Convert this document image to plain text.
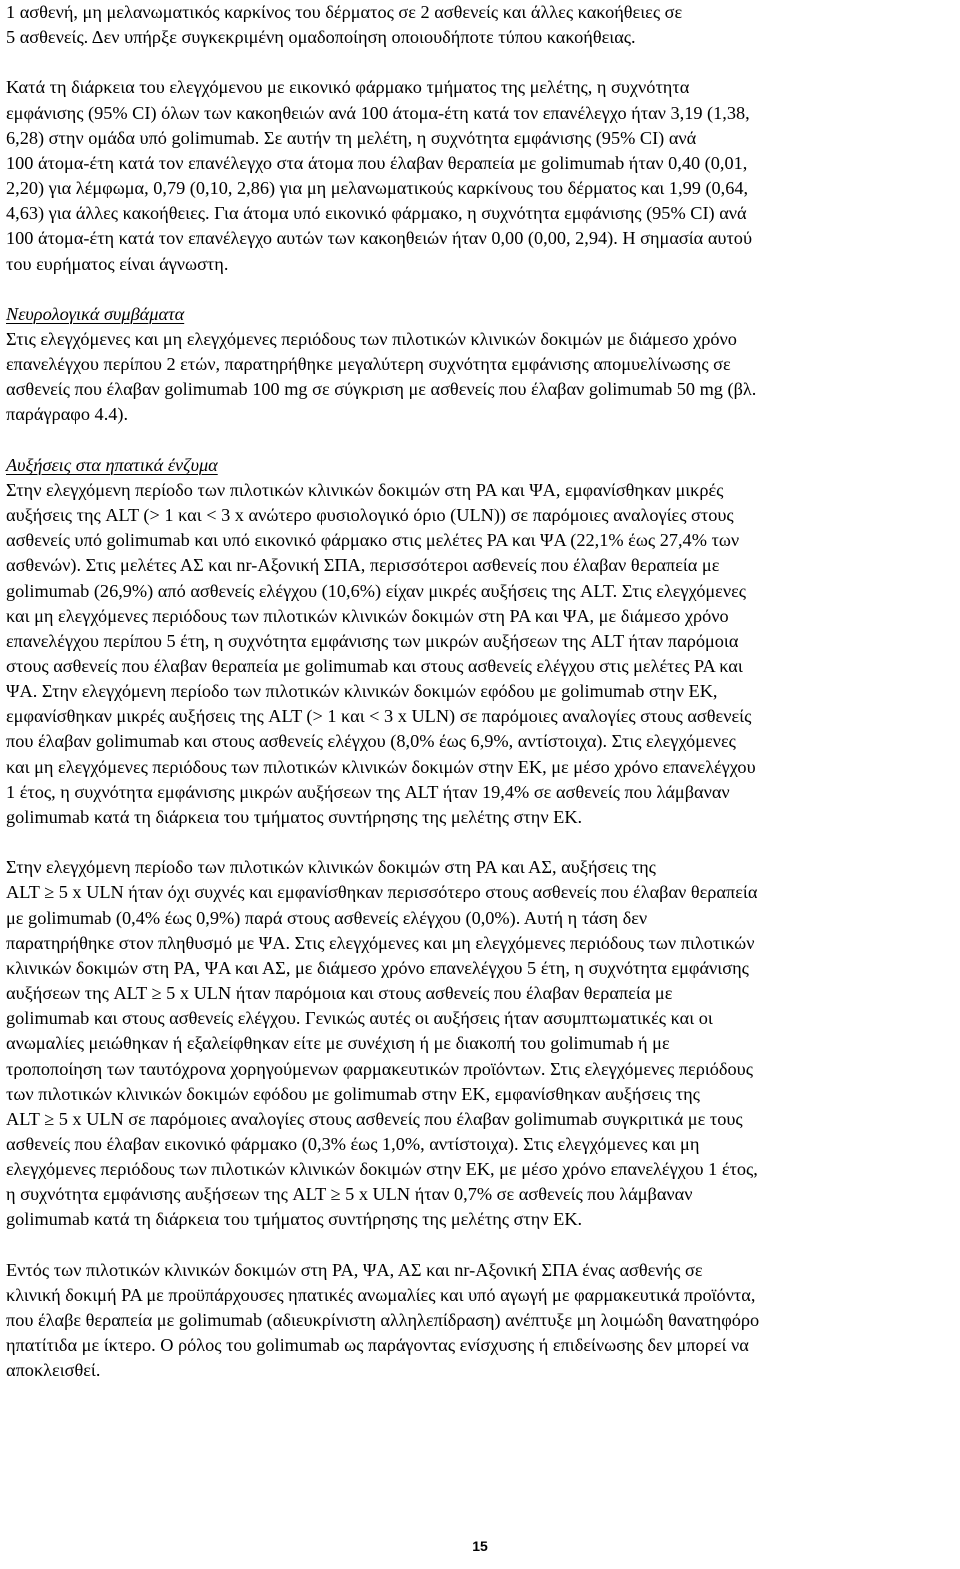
1 ασθενή, μη μελανωματικός καρκίνος του δέρματος σε 2 ασθενείς και άλλες κακοήθειες σε
5 ασθενείς. Δεν υπήρξε συγκεκριμένη ομαδοποίηση οποιουδήποτε τύπου κακοήθειας.

Κατά τη διάρκεια του ελεγχόμενου με εικονικό φάρμακο τμήματος της μελέτης, η συχνότητα
εμφάνισης (95% CI) όλων των κακοηθειών ανά 100 άτομα-έτη κατά τον επανέλεγχο ήταν 3,19 (1,38,
6,28) στην ομάδα υπό golimumab. Σε αυτήν τη μελέτη, η συχνότητα εμφάνισης (95% CI) ανά
100 άτομα-έτη κατά τον επανέλεγχο στα άτομα που έλαβαν θεραπεία με golimumab ήταν 0,40 (0,01,
2,20) για λέμφωμα, 0,79 (0,10, 2,86) για μη μελανωματικούς καρκίνους του δέρματος και 1,99 (0,64,
4,63) για άλλες κακοήθειες. Για άτομα υπό εικονικό φάρμακο, η συχνότητα εμφάνισης (95% CI) ανά
100 άτομα-έτη κατά τον επανέλεγχο αυτών των κακοηθειών ήταν 0,00 (0,00, 2,94). Η σημασία αυτού
του ευρήματος είναι άγνωστη.

Νευρολογικά συμβάματα

Στις ελεγχόμενες και μη ελεγχόμενες περιόδους των πιλοτικών κλινικών δοκιμών με διάμεσο χρόνο
επανελέγχου περίπου 2 ετών, παρατηρήθηκε μεγαλύτερη συχνότητα εμφάνισης απομυελίνωσης σε
ασθενείς που έλαβαν golimumab 100 mg σε σύγκριση με ασθενείς που έλαβαν golimumab 50 mg (βλ.
παράγραφο 4.4).

Αυξήσεις στα ηπατικά ένζυμα

Στην ελεγχόμενη περίοδο των πιλοτικών κλινικών δοκιμών στη ΡΑ και ΨΑ, εμφανίσθηκαν μικρές
αυξήσεις της ALT (> 1 και < 3 x ανώτερο φυσιολογικό όριο (ULN)) σε παρόμοιες αναλογίες στους
ασθενείς υπό golimumab και υπό εικονικό φάρμακο στις μελέτες ΡΑ και ΨΑ (22,1% έως 27,4% των
ασθενών). Στις μελέτες ΑΣ και nr-Αξονική ΣΠΑ, περισσότεροι ασθενείς που έλαβαν θεραπεία με
golimumab (26,9%) από ασθενείς ελέγχου (10,6%) είχαν μικρές αυξήσεις της ALT. Στις ελεγχόμενες
και μη ελεγχόμενες περιόδους των πιλοτικών κλινικών δοκιμών στη ΡΑ και ΨΑ, με διάμεσο χρόνο
επανελέγχου περίπου 5 έτη, η συχνότητα εμφάνισης των μικρών αυξήσεων της ALT ήταν παρόμοια
στους ασθενείς που έλαβαν θεραπεία με golimumab και στους ασθενείς ελέγχου στις μελέτες ΡΑ και
ΨΑ. Στην ελεγχόμενη περίοδο των πιλοτικών κλινικών δοκιμών εφόδου με golimumab στην ΕΚ,
εμφανίσθηκαν μικρές αυξήσεις της ALT (> 1 και < 3 x ULN) σε παρόμοιες αναλογίες στους ασθενείς
που έλαβαν golimumab και στους ασθενείς ελέγχου (8,0% έως 6,9%, αντίστοιχα). Στις ελεγχόμενες
και μη ελεγχόμενες περιόδους των πιλοτικών κλινικών δοκιμών στην ΕΚ, με μέσο χρόνο επανελέγχου
1 έτος, η συχνότητα εμφάνισης μικρών αυξήσεων της ALT ήταν 19,4% σε ασθενείς που λάμβαναν
golimumab κατά τη διάρκεια του τμήματος συντήρησης της μελέτης στην ΕΚ.

Στην ελεγχόμενη περίοδο των πιλοτικών κλινικών δοκιμών στη ΡΑ και ΑΣ, αυξήσεις της
ALT ≥ 5 x ULN ήταν όχι συχνές και εμφανίσθηκαν περισσότερο στους ασθενείς που έλαβαν θεραπεία
με golimumab (0,4% έως 0,9%) παρά στους ασθενείς ελέγχου (0,0%). Αυτή η τάση δεν
παρατηρήθηκε στον πληθυσμό με ΨΑ. Στις ελεγχόμενες και μη ελεγχόμενες περιόδους των πιλοτικών
κλινικών δοκιμών στη ΡΑ, ΨΑ και ΑΣ, με διάμεσο χρόνο επανελέγχου 5 έτη, η συχνότητα εμφάνισης
αυξήσεων της ALT ≥ 5 x ULN ήταν παρόμοια και στους ασθενείς που έλαβαν θεραπεία με
golimumab και στους ασθενείς ελέγχου. Γενικώς αυτές οι αυξήσεις ήταν ασυμπτωματικές και οι
ανωμαλίες μειώθηκαν ή εξαλείφθηκαν είτε με συνέχιση ή με διακοπή του golimumab ή με
τροποποίηση των ταυτόχρονα χορηγούμενων φαρμακευτικών προϊόντων. Στις ελεγχόμενες περιόδους
των πιλοτικών κλινικών δοκιμών εφόδου με golimumab στην ΕΚ, εμφανίσθηκαν αυξήσεις της
ALT ≥ 5 x ULN σε παρόμοιες αναλογίες στους ασθενείς που έλαβαν golimumab συγκριτικά με τους
ασθενείς που έλαβαν εικονικό φάρμακο (0,3% έως 1,0%, αντίστοιχα). Στις ελεγχόμενες και μη
ελεγχόμενες περιόδους των πιλοτικών κλινικών δοκιμών στην ΕΚ, με μέσο χρόνο επανελέγχου 1 έτος,
η συχνότητα εμφάνισης αυξήσεων της ALT ≥ 5 x ULN ήταν 0,7% σε ασθενείς που λάμβαναν
golimumab κατά τη διάρκεια του τμήματος συντήρησης της μελέτης στην ΕΚ.

Εντός των πιλοτικών κλινικών δοκιμών στη ΡΑ, ΨΑ, ΑΣ και nr-Αξονική ΣΠΑ ένας ασθενής σε
κλινική δοκιμή ΡΑ με προϋπάρχουσες ηπατικές ανωμαλίες και υπό αγωγή με φαρμακευτικά προϊόντα,
που έλαβε θεραπεία με golimumab (αδιευκρίνιστη αλληλεπίδραση) ανέπτυξε μη λοιμώδη θανατηφόρο
ηπατίτιδα με ίκτερο. Ο ρόλος του golimumab ως παράγοντας ενίσχυσης ή επιδείνωσης δεν μπορεί να
αποκλεισθεί.

15
